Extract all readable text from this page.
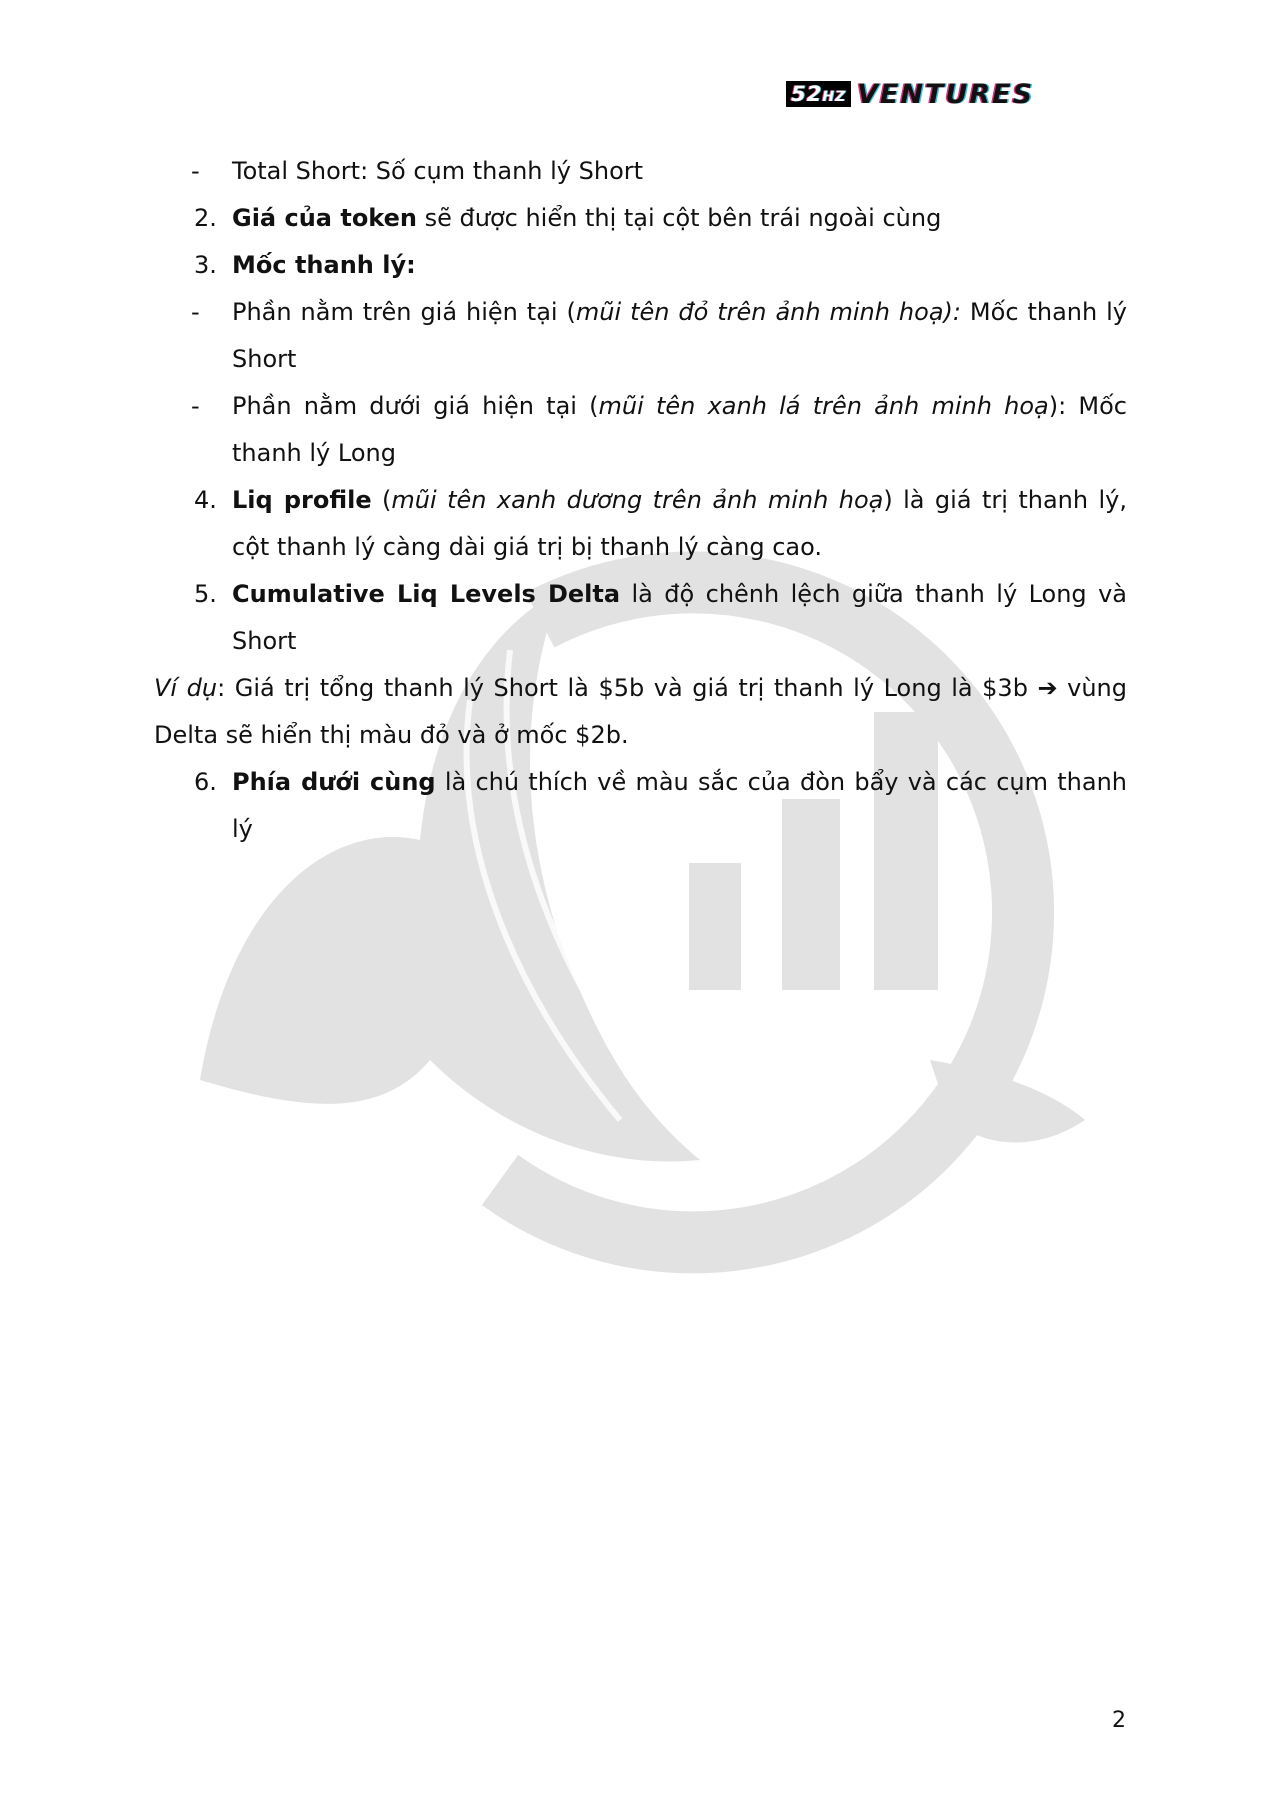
52HZ VENTURES
-	Total Short: Số cụm thanh lý Short
2. Giá của token sẽ được hiển thị tại cột bên trái ngoài cùng
3. Mốc thanh lý:
-	Phần nằm trên giá hiện tại (mũi tên đỏ trên ảnh minh hoạ): Mốc thanh lý Short
-	Phần nằm dưới giá hiện tại (mũi tên xanh lá trên ảnh minh hoạ): Mốc thanh lý Long
4. Liq profile (mũi tên xanh dương trên ảnh minh hoạ) là giá trị thanh lý, cột thanh lý càng dài giá trị bị thanh lý càng cao.
5. Cumulative Liq Levels Delta là độ chênh lệch giữa thanh lý Long và Short
Ví dụ: Giá trị tổng thanh lý Short là $5b và giá trị thanh lý Long là $3b ➔ vùng Delta sẽ hiển thị màu đỏ và ở mốc $2b.
6. Phía dưới cùng là chú thích về màu sắc của đòn bẩy và các cụm thanh lý
2
